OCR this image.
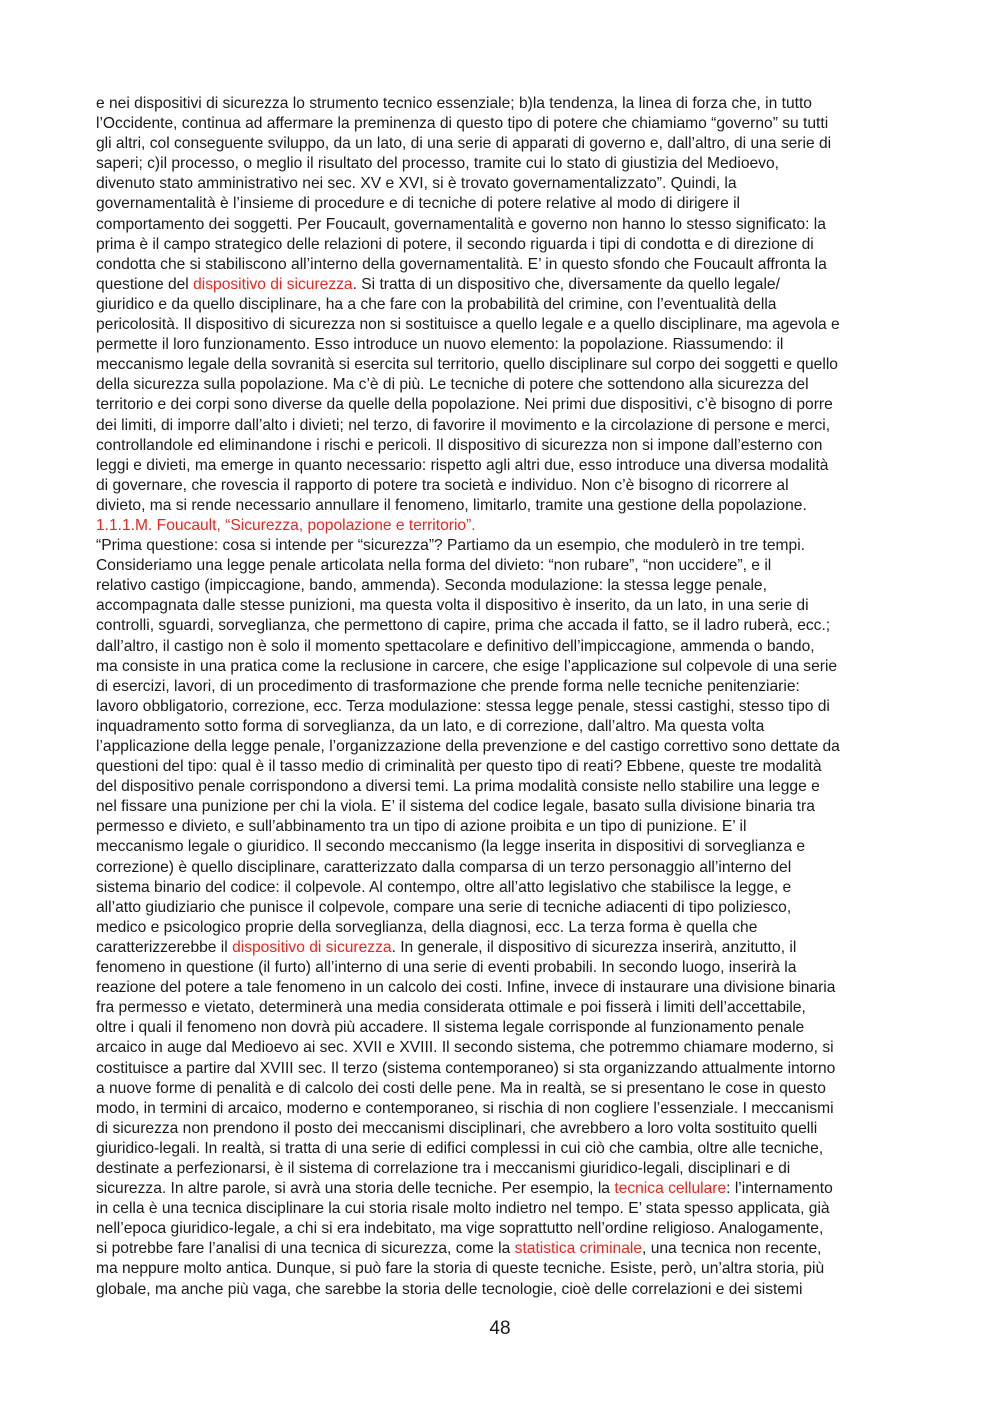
e nei dispositivi di sicurezza lo strumento tecnico essenziale; b)la tendenza, la linea di forza che, in tutto
l’Occidente, continua ad affermare la preminenza di questo tipo di potere che chiamiamo “governo” su tutti
gli altri, col conseguente sviluppo, da un lato, di una serie di apparati di governo e, dall’altro, di una serie di
saperi; c)il processo, o meglio il risultato del processo, tramite cui lo stato di giustizia del Medioevo,
divenuto stato amministrativo nei sec. XV e XVI, si è trovato governamentalizzato”. Quindi, la
governamentalità è l’insieme di procedure e di tecniche di potere relative al modo di dirigere il
comportamento dei soggetti. Per Foucault, governamentalità e governo non hanno lo stesso significato: la
prima è il campo strategico delle relazioni di potere, il secondo riguarda i tipi di condotta e di direzione di
condotta che si stabiliscono all’interno della governamentalità. E’ in questo sfondo che Foucault affronta la
questione del dispositivo di sicurezza. Si tratta di un dispositivo che, diversamente da quello legale/
giuridico e da quello disciplinare, ha a che fare con la probabilità del crimine, con l’eventualità della
pericolosità. Il dispositivo di sicurezza non si sostituisce a quello legale e a quello disciplinare, ma agevola e
permette il loro funzionamento. Esso introduce un nuovo elemento: la popolazione. Riassumendo: il
meccanismo legale della sovranità si esercita sul territorio, quello disciplinare sul corpo dei soggetti e quello
della sicurezza sulla popolazione. Ma c’è di più. Le tecniche di potere che sottendono alla sicurezza del
territorio e dei corpi sono diverse da quelle della popolazione. Nei primi due dispositivi, c’è bisogno di porre
dei limiti, di imporre dall’alto i divieti; nel terzo, di favorire il movimento e la circolazione di persone e merci,
controllandole ed eliminandone i rischi e pericoli. Il dispositivo di sicurezza non si impone dall’esterno con
leggi e divieti, ma emerge in quanto necessario: rispetto agli altri due, esso introduce una diversa modalità
di governare, che rovescia il rapporto di potere tra società e individuo. Non c’è bisogno di ricorrere al
divieto, ma si rende necessario annullare il fenomeno, limitarlo, tramite una gestione della popolazione.
1.1.1.M. Foucault, “Sicurezza, popolazione e territorio”.
“Prima questione: cosa si intende per “sicurezza”? Partiamo da un esempio, che modulerò in tre tempi.
Consideriamo una legge penale articolata nella forma del divieto: “non rubare”, “non uccidere”, e il
relativo castigo (impiccagione, bando, ammenda). Seconda modulazione: la stessa legge penale,
accompagnata dalle stesse punizioni, ma questa volta il dispositivo è inserito, da un lato, in una serie di
controlli, sguardi, sorveglianza, che permettono di capire, prima che accada il fatto, se il ladro ruberà, ecc.;
dall’altro, il castigo non è solo il momento spettacolare e definitivo dell’impiccagione, ammenda o bando,
ma consiste in una pratica come la reclusione in carcere, che esige l’applicazione sul colpevole di una serie
di esercizi, lavori, di un procedimento di trasformazione che prende forma nelle tecniche penitenziarie:
lavoro obbligatorio, correzione, ecc. Terza modulazione: stessa legge penale, stessi castighi, stesso tipo di
inquadramento sotto forma di sorveglianza, da un lato, e di correzione, dall’altro. Ma questa volta
l’applicazione della legge penale, l’organizzazione della prevenzione e del castigo correttivo sono dettate da
questioni del tipo: qual è il tasso medio di criminalità per questo tipo di reati? Ebbene, queste tre modalità
del dispositivo penale corrispondono a diversi temi. La prima modalità consiste nello stabilire una legge e
nel fissare una punizione per chi la viola. E’ il sistema del codice legale, basato sulla divisione binaria tra
permesso e divieto, e sull’abbinamento tra un tipo di azione proibita e un tipo di punizione. E’ il
meccanismo legale o giuridico. Il secondo meccanismo (la legge inserita in dispositivi di sorveglianza e
correzione) è quello disciplinare, caratterizzato dalla comparsa di un terzo personaggio all’interno del
sistema binario del codice: il colpevole. Al contempo, oltre all’atto legislativo che stabilisce la legge, e
all’atto giudiziario che punisce il colpevole, compare una serie di tecniche adiacenti di tipo poliziesco,
medico e psicologico proprie della sorveglianza, della diagnosi, ecc. La terza forma è quella che
caratterizzerebbe il dispositivo di sicurezza. In generale, il dispositivo di sicurezza inserirà, anzitutto, il
fenomeno in questione (il furto) all’interno di una serie di eventi probabili. In secondo luogo, inserirà la
reazione del potere a tale fenomeno in un calcolo dei costi. Infine, invece di instaurare una divisione binaria
fra permesso e vietato, determinerà una media considerata ottimale e poi fisserà i limiti dell’accettabile,
oltre i quali il fenomeno non dovrà più accadere. Il sistema legale corrisponde al funzionamento penale
arcaico in auge dal Medioevo ai sec. XVII e XVIII. Il secondo sistema, che potremmo chiamare moderno, si
costituisce a partire dal XVIII sec. Il terzo (sistema contemporaneo) si sta organizzando attualmente intorno
a nuove forme di penalità e di calcolo dei costi delle pene. Ma in realtà, se si presentano le cose in questo
modo, in termini di arcaico, moderno e contemporaneo, si rischia di non cogliere l’essenziale. I meccanismi
di sicurezza non prendono il posto dei meccanismi disciplinari, che avrebbero a loro volta sostituito quelli
giuridico-legali. In realtà, si tratta di una serie di edifici complessi in cui ciò che cambia, oltre alle tecniche,
destinate a perfezionarsi, è il sistema di correlazione tra i meccanismi giuridico-legali, disciplinari e di
sicurezza. In altre parole, si avrà una storia delle tecniche. Per esempio, la tecnica cellulare: l’internamento
in cella è una tecnica disciplinare la cui storia risale molto indietro nel tempo. E’ stata spesso applicata, già
nell’epoca giuridico-legale, a chi si era indebitato, ma vige soprattutto nell’ordine religioso. Analogamente,
si potrebbe fare l’analisi di una tecnica di sicurezza, come la statistica criminale, una tecnica non recente,
ma neppure molto antica. Dunque, si può fare la storia di queste tecniche. Esiste, però, un’altra storia, più
globale, ma anche più vaga, che sarebbe la storia delle tecnologie, cioè delle correlazioni e dei sistemi
48
